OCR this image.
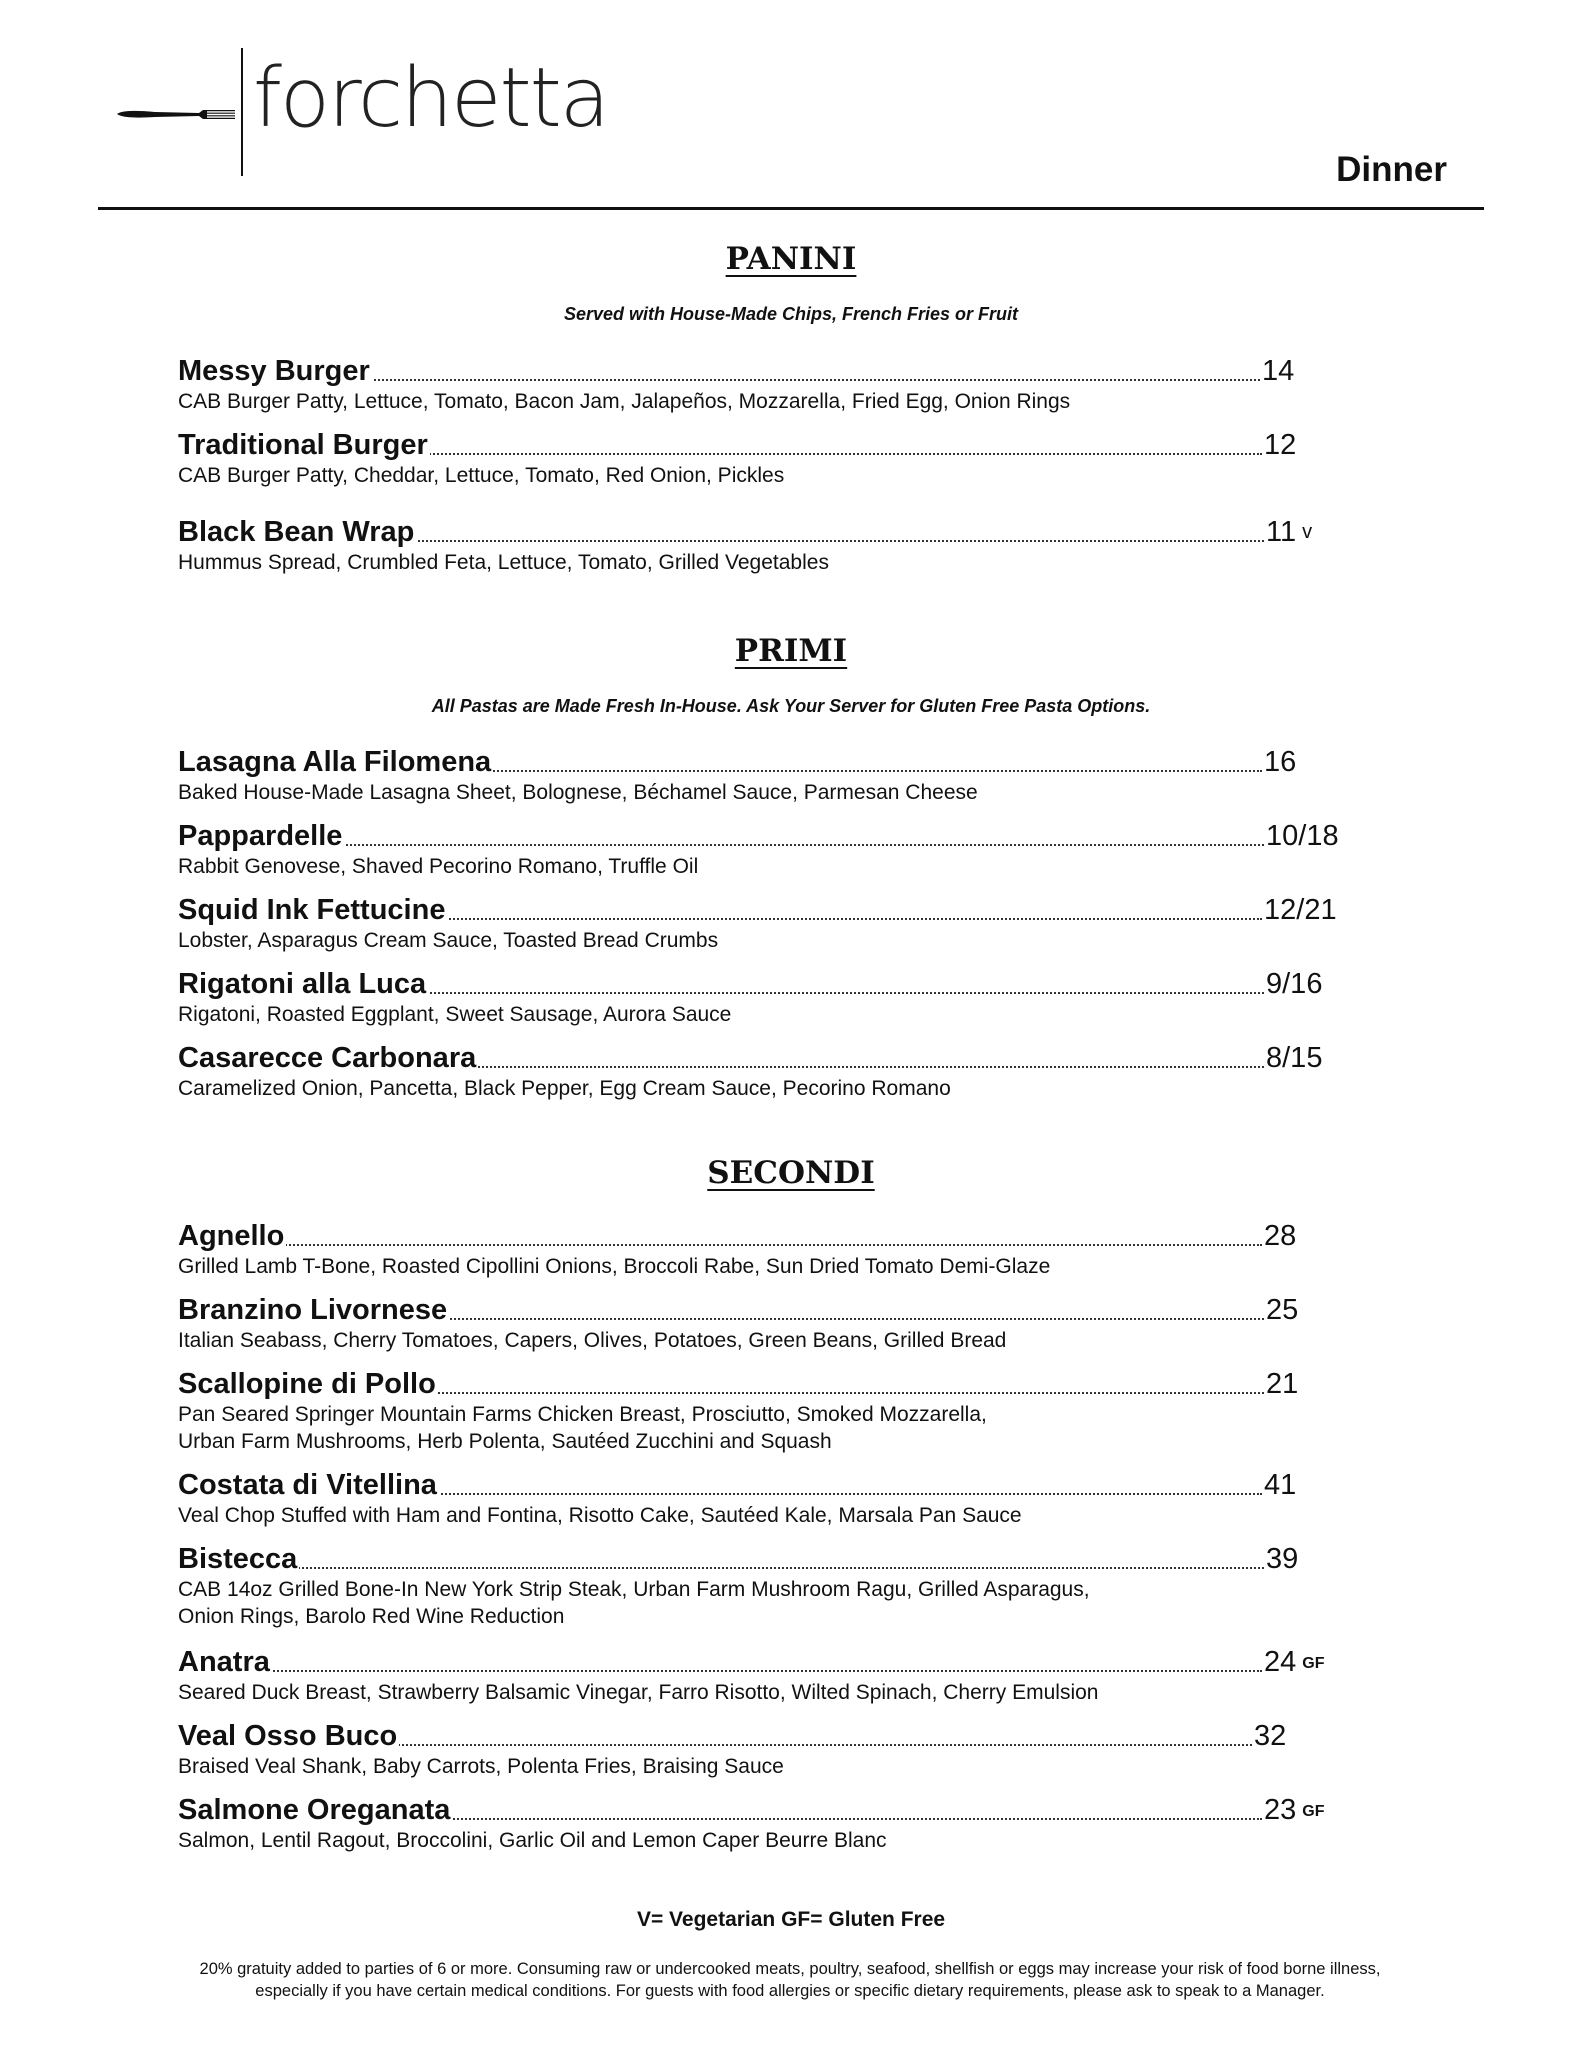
forchetta
Dinner
PANINI
Served with House-Made Chips, French Fries or Fruit
Messy Burger	14
CAB Burger Patty, Lettuce, Tomato, Bacon Jam, Jalapeños, Mozzarella, Fried Egg, Onion Rings
Traditional Burger	12
CAB Burger Patty, Cheddar, Lettuce, Tomato, Red Onion, Pickles
Black Bean Wrap	11 v
Hummus Spread, Crumbled Feta, Lettuce, Tomato, Grilled Vegetables
PRIMI
All Pastas are Made Fresh In-House. Ask Your Server for Gluten Free Pasta Options.
Lasagna Alla Filomena	16
Baked House-Made Lasagna Sheet, Bolognese, Béchamel Sauce, Parmesan Cheese
Pappardelle	10/18
Rabbit Genovese, Shaved Pecorino Romano, Truffle Oil
Squid Ink Fettucine	12/21
Lobster, Asparagus Cream Sauce, Toasted Bread Crumbs
Rigatoni alla Luca	9/16
Rigatoni, Roasted Eggplant, Sweet Sausage, Aurora Sauce
Casarecce Carbonara	8/15
Caramelized Onion, Pancetta, Black Pepper, Egg Cream Sauce, Pecorino Romano
SECONDI
Agnello	28
Grilled Lamb T-Bone, Roasted Cipollini Onions, Broccoli Rabe, Sun Dried Tomato Demi-Glaze
Branzino Livornese	25
Italian Seabass, Cherry Tomatoes, Capers, Olives, Potatoes, Green Beans, Grilled Bread
Scallopine di Pollo	21
Pan Seared Springer Mountain Farms Chicken Breast, Prosciutto, Smoked Mozzarella,
Urban Farm Mushrooms, Herb Polenta, Sautéed Zucchini and Squash
Costata di Vitellina	41
Veal Chop Stuffed with Ham and Fontina, Risotto Cake, Sautéed Kale, Marsala Pan Sauce
Bistecca	39
CAB 14oz Grilled Bone-In New York Strip Steak, Urban Farm Mushroom Ragu, Grilled Asparagus,
Onion Rings, Barolo Red Wine Reduction
Anatra	24 GF
Seared Duck Breast, Strawberry Balsamic Vinegar, Farro Risotto, Wilted Spinach, Cherry Emulsion
Veal Osso Buco	32
Braised Veal Shank, Baby Carrots, Polenta Fries, Braising Sauce
Salmone Oreganata	23 GF
Salmon, Lentil Ragout, Broccolini, Garlic Oil and Lemon Caper Beurre Blanc
V= Vegetarian GF= Gluten Free
20% gratuity added to parties of 6 or more. Consuming raw or undercooked meats, poultry, seafood, shellfish or eggs may increase your risk of food borne illness,
especially if you have certain medical conditions. For guests with food allergies or specific dietary requirements, please ask to speak to a Manager.
